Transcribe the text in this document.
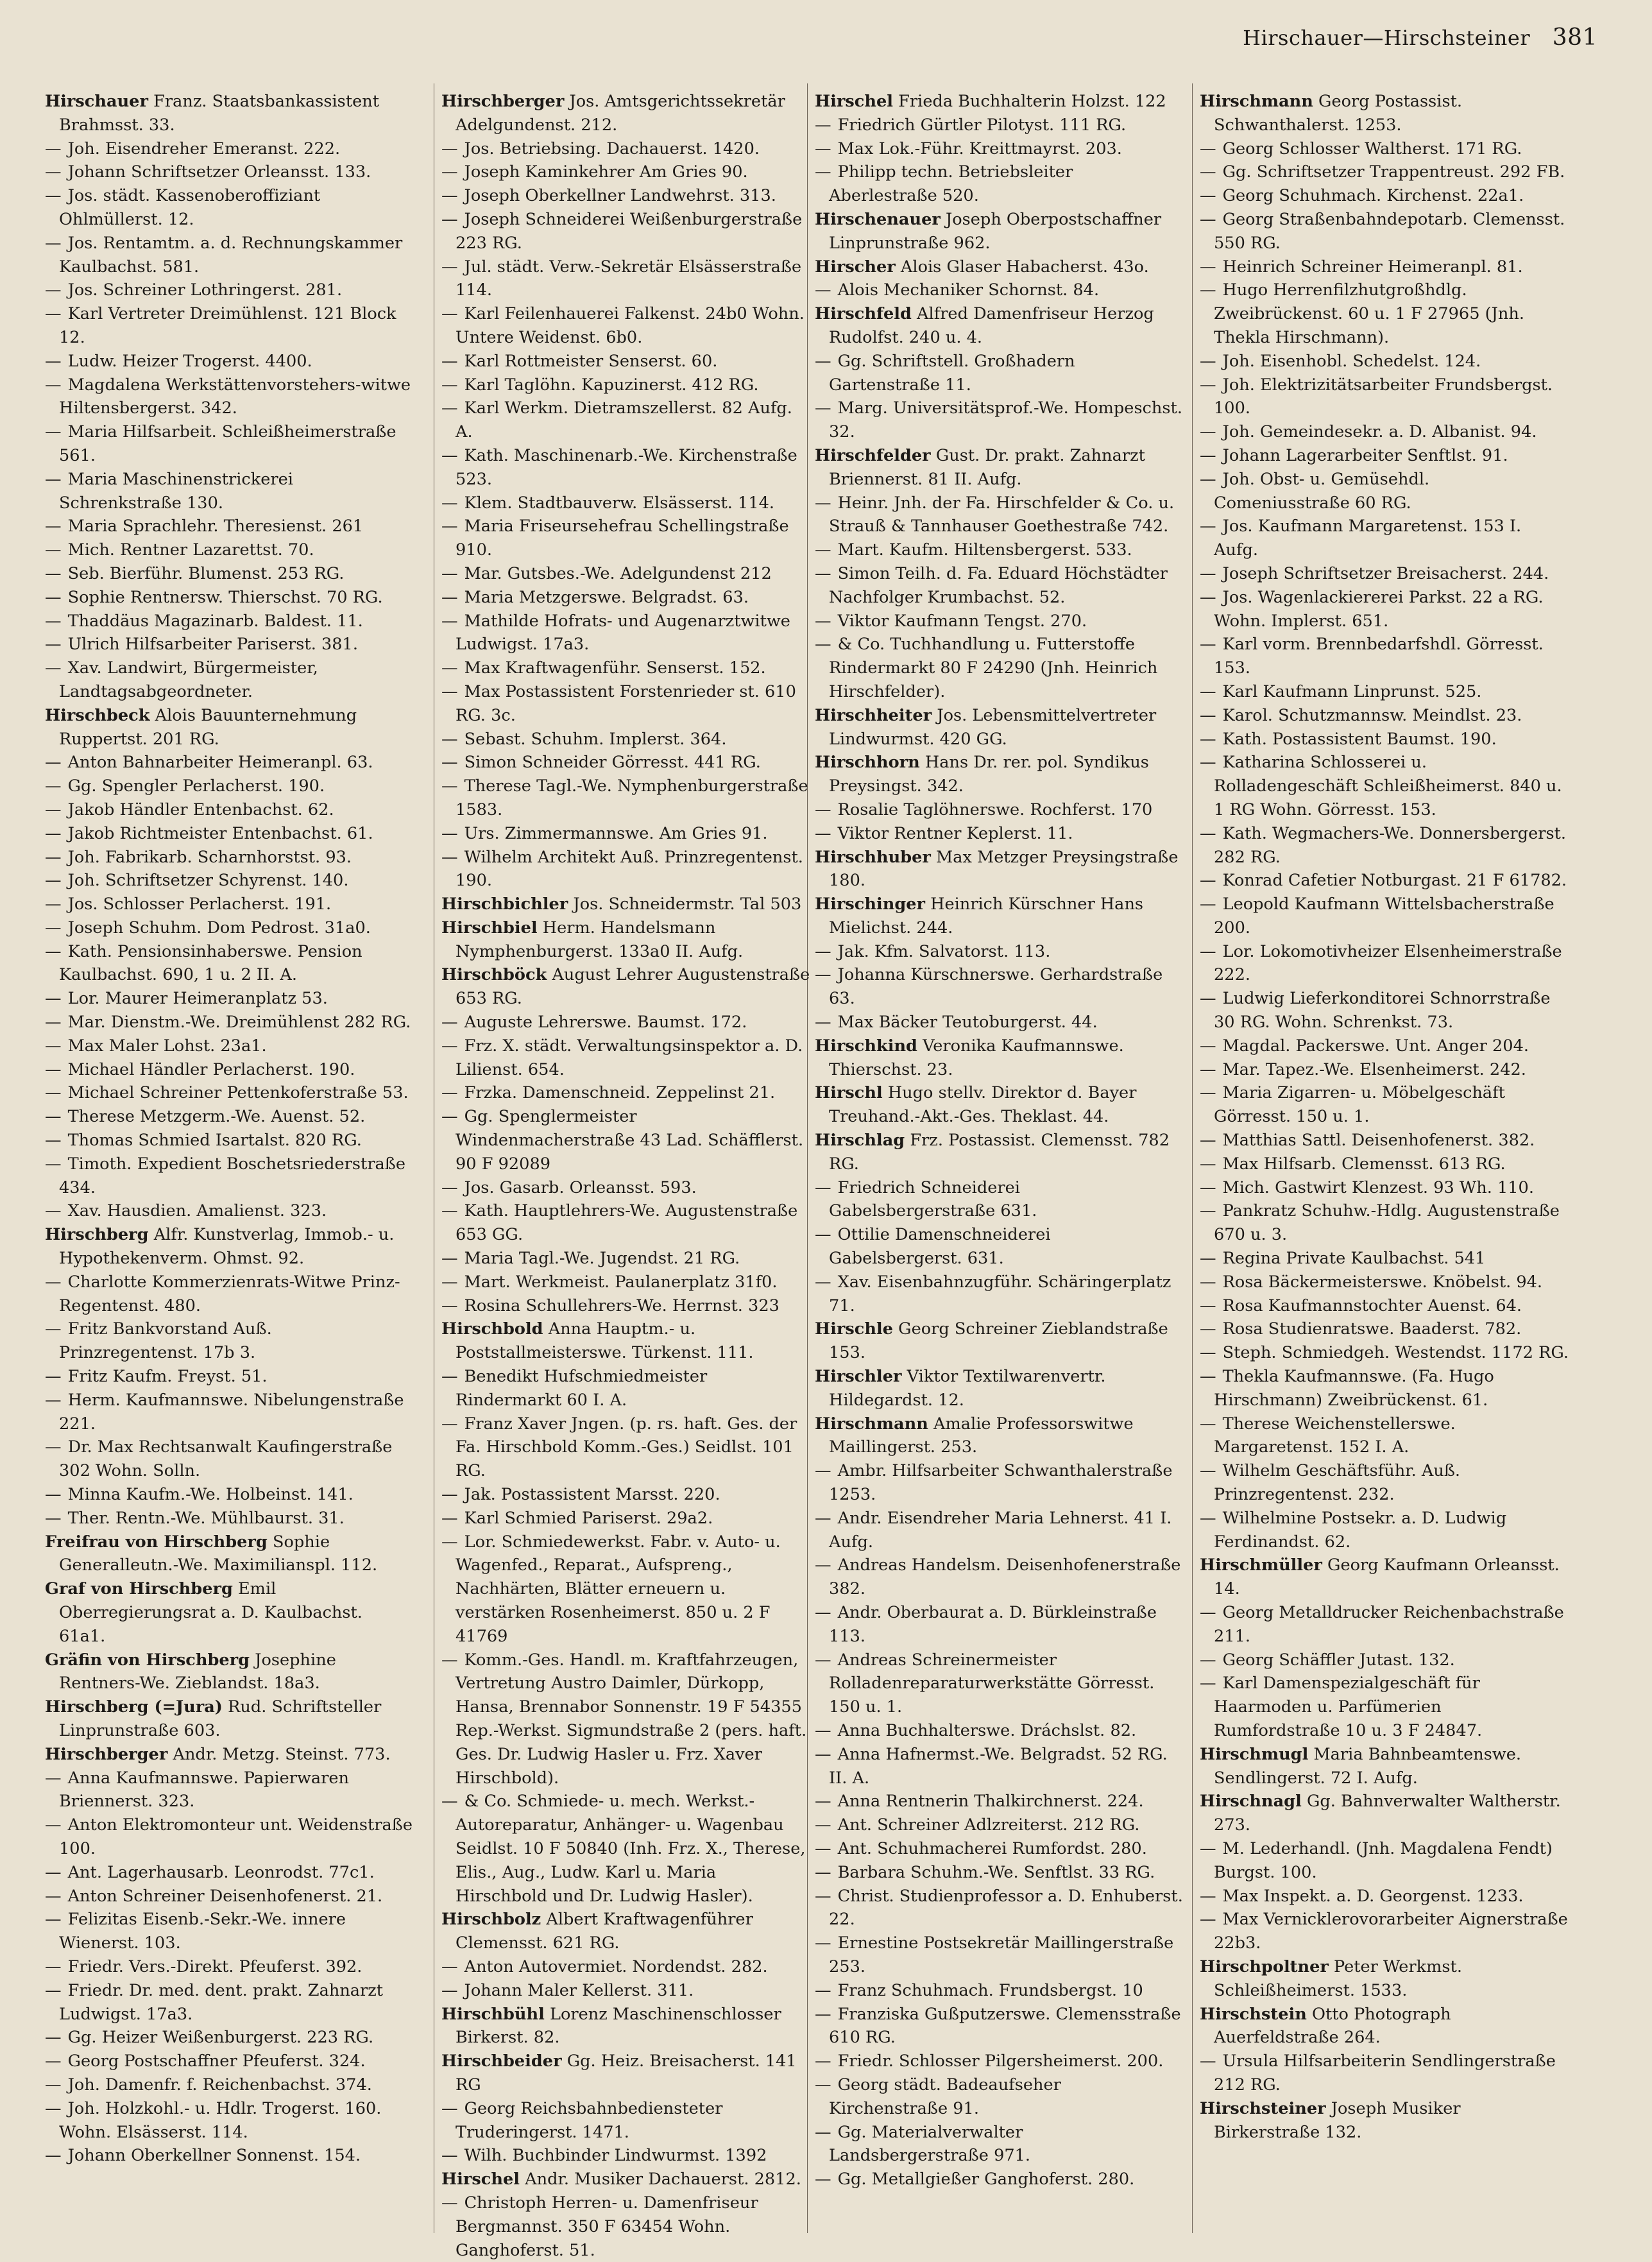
Hirschauer—Hirschsteiner 381

Hirschauer Franz. Staatsbankassistent Brahmsst. 33.

— Joh. Eisendreher Emeranst. 222.

— Johann Schriftsetzer Orleansst. 133.

— Jos. städt. Kassenoberoffiziant Ohlmüllerst. 12.

— Jos. Rentamtm. a. d. Rechnungskammer Kaulbachst. 581.

— Jos. Schreiner Lothringerst. 281.

— Karl Vertreter Dreimühlenst. 121 Block 12.

— Ludw. Heizer Trogerst. 4400.

— Magdalena Werkstättenvorstehers-witwe Hiltensbergerst. 342.

— Maria Hilfsarbeit. Schleißheimerstraße 561.

— Maria Maschinenstrickerei Schrenkstraße 130.

— Maria Sprachlehr. Theresienst. 261

— Mich. Rentner Lazarettst. 70.

— Seb. Bierführ. Blumenst. 253 RG.

— Sophie Rentnersw. Thierschst. 70 RG.

— Thaddäus Magazinarb. Baldest. 11.

— Ulrich Hilfsarbeiter Pariserst. 381.

— Xav. Landwirt, Bürgermeister, Landtagsabgeordneter.

Hirschbeck Alois Bauunternehmung Ruppertst. 201 RG.

— Anton Bahnarbeiter Heimeranpl. 63.

— Gg. Spengler Perlacherst. 190.

— Jakob Händler Entenbachst. 62.

— Jakob Richtmeister Entenbachst. 61.

— Joh. Fabrikarb. Scharnhorstst. 93.

— Joh. Schriftsetzer Schyrenst. 140.

— Jos. Schlosser Perlacherst. 191.

— Joseph Schuhm. Dom Pedrost. 31a0.

— Kath. Pensionsinhaberswe. Pension Kaulbachst. 690, 1 u. 2 II. A.

— Lor. Maurer Heimeranplatz 53.

— Mar. Dienstm.-We. Dreimühlenst 282 RG.

— Max Maler Lohst. 23a1.

— Michael Händler Perlacherst. 190.

— Michael Schreiner Pettenkoferstraße 53.

— Therese Metzgerm.-We. Auenst. 52.

— Thomas Schmied Isartalst. 820 RG.

— Timoth. Expedient Boschetsriederstraße 434.

— Xav. Hausdien. Amalienst. 323.

Hirschberg Alfr. Kunstverlag, Immob.- u. Hypothekenverm. Ohmst. 92.

— Charlotte Kommerzienrats-Witwe Prinz-Regentenst. 480.

— Fritz Bankvorstand Auß. Prinzregentenst. 17b 3.

— Fritz Kaufm. Freyst. 51.

— Herm. Kaufmannswe. Nibelungenstraße 221.

— Dr. Max Rechtsanwalt Kaufingerstraße 302 Wohn. Solln.

— Minna Kaufm.-We. Holbeinst. 141.

— Ther. Rentn.-We. Mühlbaurst. 31.

Freifrau von Hirschberg Sophie Generalleutn.-We. Maximilianspl. 112.

Graf von Hirschberg Emil Oberregierungsrat a. D. Kaulbachst. 61a1.

Gräfin von Hirschberg Josephine Rentners-We. Zieblandst. 18a3.

Hirschberg (=Jura) Rud. Schriftsteller Linprunstraße 603.

Hirschberger Andr. Metzg. Steinst. 773.

— Anna Kaufmannswe. Papierwaren Briennerst. 323.

— Anton Elektromonteur unt. Weidenstraße 100.

— Ant. Lagerhausarb. Leonrodst. 77c1.

— Anton Schreiner Deisenhofenerst. 21.

— Felizitas Eisenb.-Sekr.-We. innere Wienerst. 103.

— Friedr. Vers.-Direkt. Pfeuferst. 392.

— Friedr. Dr. med. dent. prakt. Zahnarzt Ludwigst. 17a3.

— Gg. Heizer Weißenburgerst. 223 RG.

— Georg Postschaffner Pfeuferst. 324.

— Joh. Damenfr. f. Reichenbachst. 374.

— Joh. Holzkohl.- u. Hdlr. Trogerst. 160. Wohn. Elsässerst. 114.

— Johann Oberkellner Sonnenst. 154.

Hirschberger Jos. Amtsgerichtssekretär Adelgundenst. 212.

— Jos. Betriebsing. Dachauerst. 1420.

— Joseph Kaminkehrer Am Gries 90.

— Joseph Oberkellner Landwehrst. 313.

— Joseph Schneiderei Weißenburgerstraße 223 RG.

— Jul. städt. Verw.-Sekretär Elsässerstraße 114.

— Karl Feilenhauerei Falkenst. 24b0 Wohn. Untere Weidenst. 6b0.

— Karl Rottmeister Senserst. 60.

— Karl Taglöhn. Kapuzinerst. 412 RG.

— Karl Werkm. Dietramszellerst. 82 Aufg. A.

— Kath. Maschinenarb.-We. Kirchenstraße 523.

— Klem. Stadtbauverw. Elsässerst. 114.

— Maria Friseursehefrau Schellingstraße 910.

— Mar. Gutsbes.-We. Adelgundenst 212

— Maria Metzgerswe. Belgradst. 63.

— Mathilde Hofrats- und Augenarztwitwe Ludwigst. 17a3.

— Max Kraftwagenführ. Senserst. 152.

— Max Postassistent Forstenrieder st. 610 RG. 3c.

— Sebast. Schuhm. Implerst. 364.

— Simon Schneider Görresst. 441 RG.

— Therese Tagl.-We. Nymphenburgerstraße 1583.

— Urs. Zimmermannswe. Am Gries 91.

— Wilhelm Architekt Auß. Prinzregentenst. 190.

Hirschbichler Jos. Schneidermstr. Tal 503

Hirschbiel Herm. Handelsmann Nymphenburgerst. 133a0 II. Aufg.

Hirschböck August Lehrer Augustenstraße 653 RG.

— Auguste Lehrerswe. Baumst. 172.

— Frz. X. städt. Verwaltungsinspektor a. D. Lilienst. 654.

— Frzka. Damenschneid. Zeppelinst 21.

— Gg. Spenglermeister Windenmacherstraße 43 Lad. Schäfflerst. 90 F 92089

— Jos. Gasarb. Orleansst. 593.

— Kath. Hauptlehrers-We. Augustenstraße 653 GG.

— Maria Tagl.-We. Jugendst. 21 RG.

— Mart. Werkmeist. Paulanerplatz 31f0.

— Rosina Schullehrers-We. Herrnst. 323

Hirschbold Anna Hauptm.- u. Poststallmeisterswe. Türkenst. 111.

— Benedikt Hufschmiedmeister Rindermarkt 60 I. A.

— Franz Xaver Jngen. (p. rs. haft. Ges. der Fa. Hirschbold Komm.-Ges.) Seidlst. 101 RG.

— Jak. Postassistent Marsst. 220.

— Karl Schmied Pariserst. 29a2.

— Lor. Schmiedewerkst. Fabr. v. Auto- u. Wagenfed., Reparat., Aufspreng., Nachhärten, Blätter erneuern u. verstärken Rosenheimerst. 850 u. 2 F 41769

— Komm.-Ges. Handl. m. Kraftfahrzeugen, Vertretung Austro Daimler, Dürkopp, Hansa, Brennabor Sonnenstr. 19 F 54355 Rep.-Werkst. Sigmundstraße 2 (pers. haft. Ges. Dr. Ludwig Hasler u. Frz. Xaver Hirschbold).

— & Co. Schmiede- u. mech. Werkst.-Autoreparatur, Anhänger- u. Wagenbau Seidlst. 10 F 50840 (Inh. Frz. X., Therese, Elis., Aug., Ludw. Karl u. Maria Hirschbold und Dr. Ludwig Hasler).

Hirschbolz Albert Kraftwagenführer Clemensst. 621 RG.

— Anton Autovermiet. Nordendst. 282.

— Johann Maler Kellerst. 311.

Hirschbühl Lorenz Maschinenschlosser Birkerst. 82.

Hirschbeider Gg. Heiz. Breisacherst. 141 RG

— Georg Reichsbahnbediensteter Truderingerst. 1471.

— Wilh. Buchbinder Lindwurmst. 1392

Hirschel Andr. Musiker Dachauerst. 2812.

— Christoph Herren- u. Damenfriseur Bergmannst. 350 F 63454 Wohn. Ganghoferst. 51.

Hirschel Frieda Buchhalterin Holzst. 122

— Friedrich Gürtler Pilotyst. 111 RG.

— Max Lok.-Führ. Kreittmayrst. 203.

— Philipp techn. Betriebsleiter Aberlestraße 520.

Hirschenauer Joseph Oberpostschaffner Linprunstraße 962.

Hirscher Alois Glaser Habacherst. 43o.

— Alois Mechaniker Schornst. 84.

Hirschfeld Alfred Damenfriseur Herzog Rudolfst. 240 u. 4.

— Gg. Schriftstell. Großhadern Gartenstraße 11.

— Marg. Universitätsprof.-We. Hompeschst. 32.

Hirschfelder Gust. Dr. prakt. Zahnarzt Briennerst. 81 II. Aufg.

— Heinr. Jnh. der Fa. Hirschfelder & Co. u. Strauß & Tannhauser Goethestraße 742.

— Mart. Kaufm. Hiltensbergerst. 533.

— Simon Teilh. d. Fa. Eduard Höchstädter Nachfolger Krumbachst. 52.

— Viktor Kaufmann Tengst. 270.

— & Co. Tuchhandlung u. Futterstoffe Rindermarkt 80 F 24290 (Jnh. Heinrich Hirschfelder).

Hirschheiter Jos. Lebensmittelvertreter Lindwurmst. 420 GG.

Hirschhorn Hans Dr. rer. pol. Syndikus Preysingst. 342.

— Rosalie Taglöhnerswe. Rochferst. 170

— Viktor Rentner Keplerst. 11.

Hirschhuber Max Metzger Preysingstraße 180.

Hirschinger Heinrich Kürschner Hans Mielichst. 244.

— Jak. Kfm. Salvatorst. 113.

— Johanna Kürschnerswe. Gerhardstraße 63.

— Max Bäcker Teutoburgerst. 44.

Hirschkind Veronika Kaufmannswe. Thierschst. 23.

Hirschl Hugo stellv. Direktor d. Bayer Treuhand.-Akt.-Ges. Theklast. 44.

Hirschlag Frz. Postassist. Clemensst. 782 RG.

— Friedrich Schneiderei Gabelsbergerstraße 631.

— Ottilie Damenschneiderei Gabelsbergerst. 631.

— Xav. Eisenbahnzugführ. Schäringerplatz 71.

Hirschle Georg Schreiner Zieblandstraße 153.

Hirschler Viktor Textilwarenvertr. Hildegardst. 12.

Hirschmann Amalie Professorswitwe Maillingerst. 253.

— Ambr. Hilfsarbeiter Schwanthalerstraße 1253.

— Andr. Eisendreher Maria Lehnerst. 41 I. Aufg.

— Andreas Handelsm. Deisenhofenerstraße 382.

— Andr. Oberbaurat a. D. Bürkleinstraße 113.

— Andreas Schreinermeister Rolladenreparaturwerkstätte Görresst. 150 u. 1.

— Anna Buchhalterswe. Dráchslst. 82.

— Anna Hafnermst.-We. Belgradst. 52 RG. II. A.

— Anna Rentnerin Thalkirchnerst. 224.

— Ant. Schreiner Adlzreiterst. 212 RG.

— Ant. Schuhmacherei Rumfordst. 280.

— Barbara Schuhm.-We. Senftlst. 33 RG.

— Christ. Studienprofessor a. D. Enhuberst. 22.

— Ernestine Postsekretär Maillingerstraße 253.

— Franz Schuhmach. Frundsbergst. 10

— Franziska Gußputzerswe. Clemensstraße 610 RG.

— Friedr. Schlosser Pilgersheimerst. 200.

— Georg städt. Badeaufseher Kirchenstraße 91.

— Gg. Materialverwalter Landsbergerstraße 971.

— Gg. Metallgießer Ganghoferst. 280.

Hirschmann Georg Postassist. Schwanthalerst. 1253.

— Georg Schlosser Waltherst. 171 RG.

— Gg. Schriftsetzer Trappentreust. 292 FB.

— Georg Schuhmach. Kirchenst. 22a1.

— Georg Straßenbahndepotarb. Clemensst. 550 RG.

— Heinrich Schreiner Heimeranpl. 81.

— Hugo Herrenfilzhutgroßhdlg. Zweibrückenst. 60 u. 1 F 27965 (Jnh. Thekla Hirschmann).

— Joh. Eisenhobl. Schedelst. 124.

— Joh. Elektrizitätsarbeiter Frundsbergst. 100.

— Joh. Gemeindesekr. a. D. Albanist. 94.

— Johann Lagerarbeiter Senftlst. 91.

— Joh. Obst- u. Gemüsehdl. Comeniusstraße 60 RG.

— Jos. Kaufmann Margaretenst. 153 I. Aufg.

— Joseph Schriftsetzer Breisacherst. 244.

— Jos. Wagenlackiererei Parkst. 22 a RG. Wohn. Implerst. 651.

— Karl vorm. Brennbedarfshdl. Görresst. 153.

— Karl Kaufmann Linprunst. 525.

— Karol. Schutzmannsw. Meindlst. 23.

— Kath. Postassistent Baumst. 190.

— Katharina Schlosserei u. Rolladengeschäft Schleißheimerst. 840 u. 1 RG Wohn. Görresst. 153.

— Kath. Wegmachers-We. Donnersbergerst. 282 RG.

— Konrad Cafetier Notburgast. 21 F 61782.

— Leopold Kaufmann Wittelsbacherstraße 200.

— Lor. Lokomotivheizer Elsenheimerstraße 222.

— Ludwig Lieferkonditorei Schnorrstraße 30 RG. Wohn. Schrenkst. 73.

— Magdal. Packerswe. Unt. Anger 204.

— Mar. Tapez.-We. Elsenheimerst. 242.

— Maria Zigarren- u. Möbelgeschäft Görresst. 150 u. 1.

— Matthias Sattl. Deisenhofenerst. 382.

— Max Hilfsarb. Clemensst. 613 RG.

— Mich. Gastwirt Klenzest. 93 Wh. 110.

— Pankratz Schuhw.-Hdlg. Augustenstraße 670 u. 3.

— Regina Private Kaulbachst. 541

— Rosa Bäckermeisterswe. Knöbelst. 94.

— Rosa Kaufmannstochter Auenst. 64.

— Rosa Studienratswe. Baaderst. 782.

— Steph. Schmiedgeh. Westendst. 1172 RG.

— Thekla Kaufmannswe. (Fa. Hugo Hirschmann) Zweibrückenst. 61.

— Therese Weichenstellerswe. Margaretenst. 152 I. A.

— Wilhelm Geschäftsführ. Auß. Prinzregentenst. 232.

— Wilhelmine Postsekr. a. D. Ludwig Ferdinandst. 62.

Hirschmüller Georg Kaufmann Orleansst. 14.

— Georg Metalldrucker Reichenbachstraße 211.

— Georg Schäffler Jutast. 132.

— Karl Damenspezialgeschäft für Haarmoden u. Parfümerien Rumfordstraße 10 u. 3 F 24847.

Hirschmugl Maria Bahnbeamtenswe. Sendlingerst. 72 I. Aufg.

Hirschnagl Gg. Bahnverwalter Waltherstr. 273.

— M. Lederhandl. (Jnh. Magdalena Fendt) Burgst. 100.

— Max Inspekt. a. D. Georgenst. 1233.

— Max Vernicklerovorarbeiter Aignerstraße 22b3.

Hirschpoltner Peter Werkmst. Schleißheimerst. 1533.

Hirschstein Otto Photograph Auerfeldstraße 264.

— Ursula Hilfsarbeiterin Sendlingerstraße 212 RG.

Hirschsteiner Joseph Musiker Birkerstraße 132.
